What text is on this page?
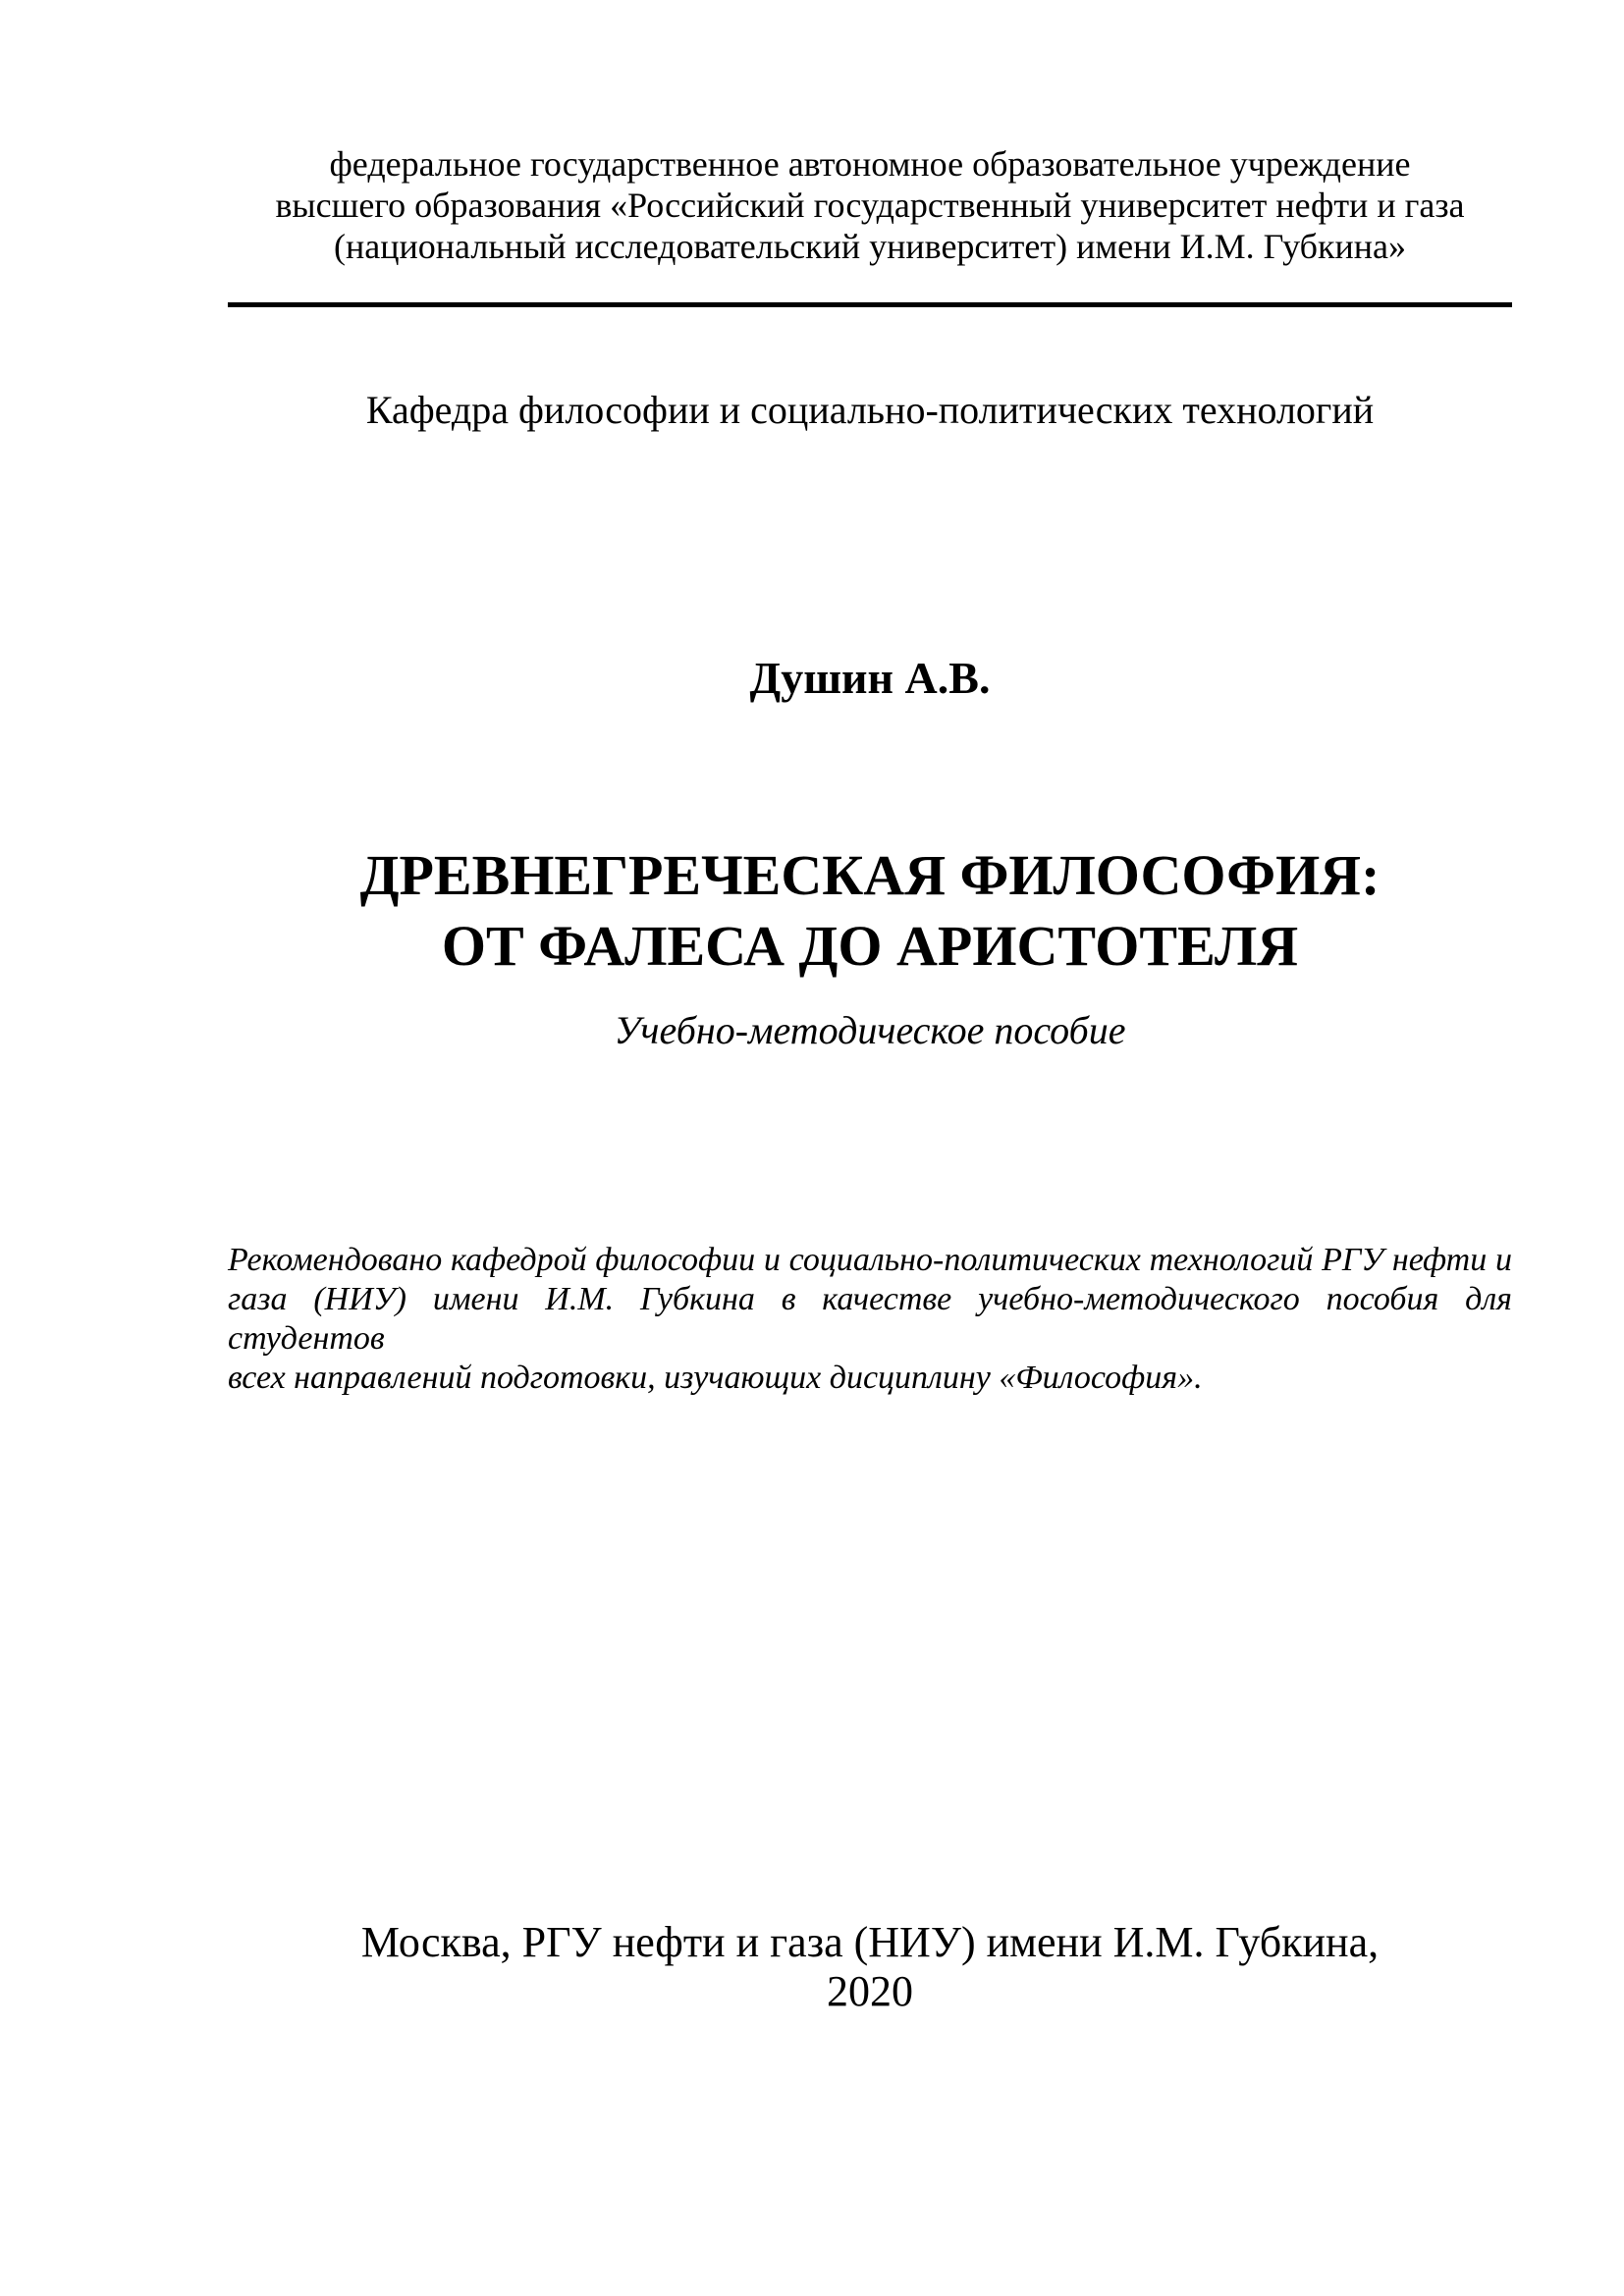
федеральное государственное автономное образовательное учреждение
высшего образования «Российский государственный университет нефти и газа
(национальный исследовательский университет) имени И.М. Губкина»
Кафедра философии и социально-политических технологий
Душин А.В.
ДРЕВНЕГРЕЧЕСКАЯ ФИЛОСОФИЯ:
ОТ ФАЛЕСА ДО АРИСТОТЕЛЯ
Учебно-методическое пособие
Рекомендовано кафедрой философии и социально-политических технологий РГУ нефти и
газа (НИУ) имени И.М. Губкина в качестве учебно-методического пособия для студентов
всех направлений подготовки, изучающих дисциплину «Философия».
Москва, РГУ нефти и газа (НИУ) имени И.М. Губкина,
2020
